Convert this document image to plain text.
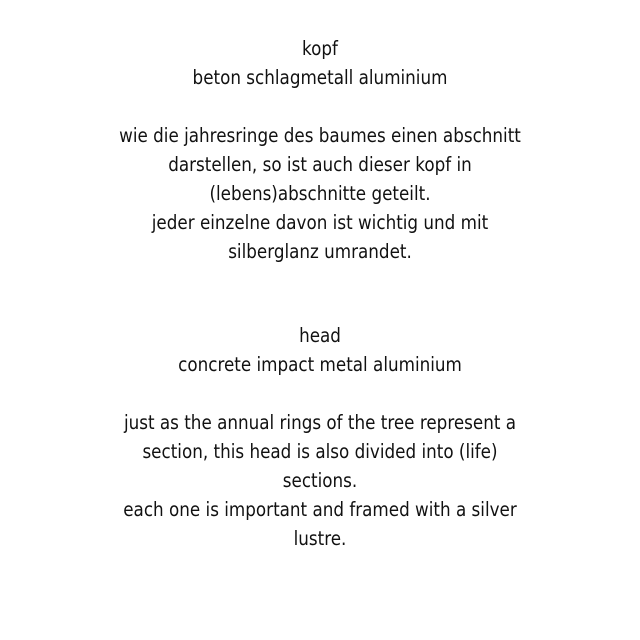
kopf
beton schlagmetall aluminium
wie die jahresringe des baumes einen abschnitt
darstellen, so ist auch dieser kopf in
(lebens)abschnitte geteilt.
jeder einzelne davon ist wichtig und mit
silberglanz umrandet.
head
concrete impact metal aluminium
just as the annual rings of the tree represent a
section, this head is also divided into (life)
sections.
each one is important and framed with a silver
lustre.
